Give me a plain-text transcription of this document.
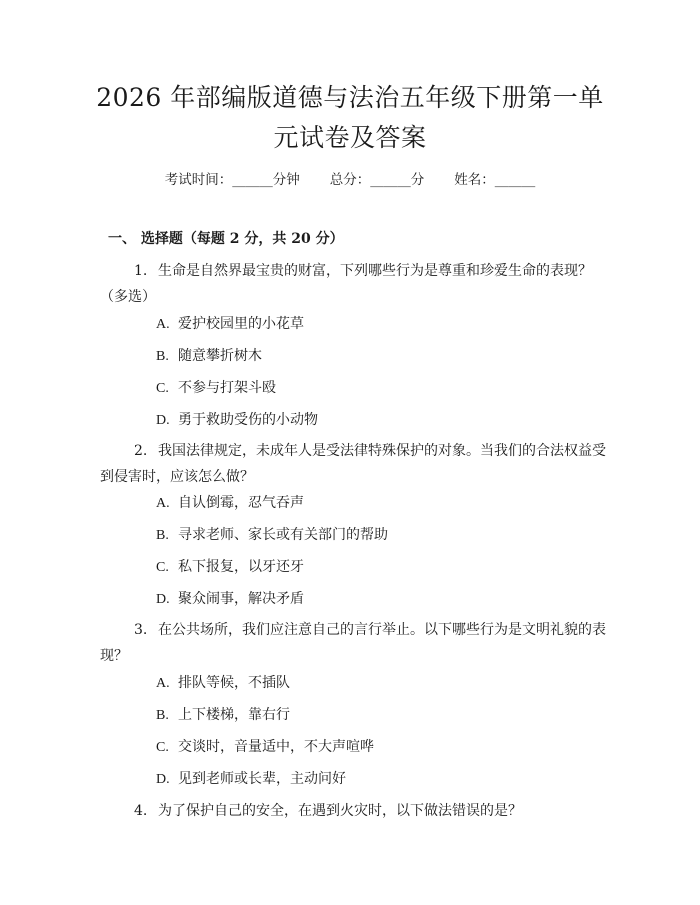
2026 年部编版道德与法治五年级下册第一单
元试卷及答案
考试时间：______分钟 总分：______分 姓名：______
一、 选择题（每题 2 分，共 20 分）
1. 生命是自然界最宝贵的财富，下列哪些行为是尊重和珍爱生命的表现？
（多选）
A. 爱护校园里的小花草
B. 随意攀折树木
C. 不参与打架斗殴
D. 勇于救助受伤的小动物
2. 我国法律规定，未成年人是受法律特殊保护的对象。当我们的合法权益受
到侵害时，应该怎么做？
A. 自认倒霉，忍气吞声
B. 寻求老师、家长或有关部门的帮助
C. 私下报复，以牙还牙
D. 聚众闹事，解决矛盾
3. 在公共场所，我们应注意自己的言行举止。以下哪些行为是文明礼貌的表
现？
A. 排队等候，不插队
B. 上下楼梯，靠右行
C. 交谈时，音量适中，不大声喧哗
D. 见到老师或长辈，主动问好
4. 为了保护自己的安全，在遇到火灾时，以下做法错误的是？
